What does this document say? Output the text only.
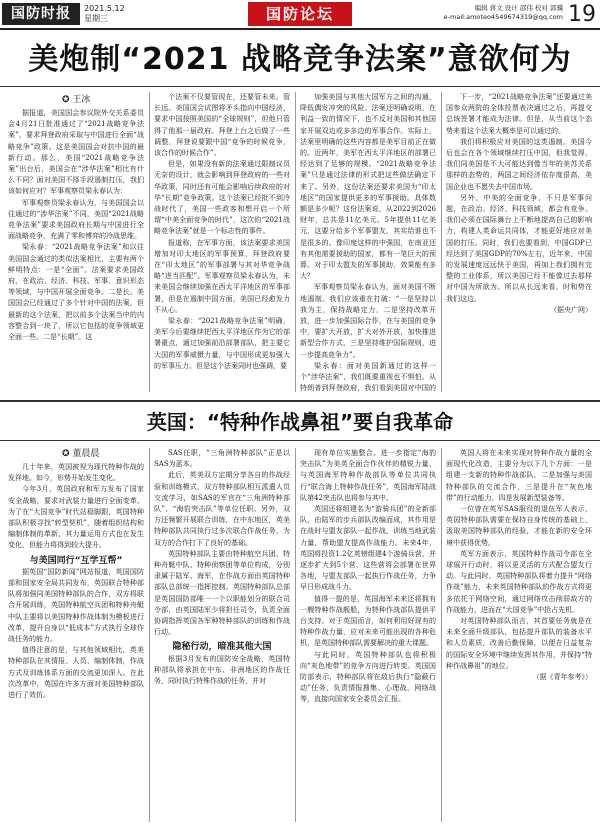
国防时报	2021.5.12
星期三	国防论坛	编辑 蒋文 设计 邵伟 校对 郭骥
e-mail:amoteo4549674319@qq.com 19
美炮制“2021 战略竞争法案”意欲何为
✪ 王冰

据报道，美国国会参议院外交关系委员会4月21日批准通过了“2021战略竞争法案”，要求拜登政府采取与中国进行全面“战略竞争”政策。这是美国国会对抗中国的最新行动。那么，美国“2021战略竞争法案”出台后，美国会在“涉华法案”相比有什么不同？面对美国不择手段遏制打压，我们该如何应对？军事观察员梁永春认为：

军事观察员梁永春认为，与美国国会以往通过的“涉华法案”不同，美国“2021战略竞争法案”要求美国政府长期与中国进行全面战略竞争，充满了零和博弈的冷战思维。

梁永春：“2021战略竞争法案”和以往美国国会通过的类似法案相比，主要有两个鲜明特点：一是“全面”。法案要求美国政府，在政治、经济、科技、军事、意识形态等领域，与中国开展全面竞争。二是长。美国国会已经通过了多个针对中国的法案，但最新的这个法案，把以前多个法案当中的内容整合到一块了，所以它包括的竞争领域更全面一些。二是“长期”。这

个法案不仅要管现在，还要管未来。管长远。美国国会试图将矛头指向中国经济，要求中国按照美国的“全球规则”，但他只管得了他那一届政府。拜登上台之后做了一些调整，拜登说要跟中国“竞争的时候竞争，该合作的时候合作”。

但是，如果没有新的法案通过限制议员无奈的设计，就会影响到拜登政府的一些对华政策，同时还有可能会影响后续政府的对华“长期”竞争政策。这个法案已经批不到冷战时代了，美国一些政客和想开启一个所谓“中美全面竞争的时代”，这次的“2021战略竞争法案”就是一个标志性的事件。

报道称，在军事方面，该法案要求美国增加对印太地区的军事预算，拜登政府要在“印太地区”的军事部署与其对华竞争战略“进当匹配”。军事观察员梁永春认为，未来美国会继续加强在西太平洋地区的军事部署，但是在遏制中国方面，美国已经愈发力不从心。

梁永春：“2021战略竞争法案”明确，美军今后要继续把西太平洋地区作为它的部署重点，通过加强前沿部署部队，把主要它大国的军事威慑力量，与中国形成更加强大的军事压力。但是这个法案同时也强调，要

加强美国与其他大国军方之间的沟通，降低偶发冲突的风险。法案还明确说明，在利益一致的情况下，也不反对美国和其他国家开展双边或多多边的军事合作。实际上，法案里明确的这些内容都是美军目前正在做的。近两年，美军在西太平洋地区的部署已经达到了足够的规模。“2021战略竞争法案”只是通过法律的形式把这些做法确定下来了。另外，这份法案还要求美国为“印太地区”的国家提供更多的军事援助。具体数额是多少呢？这份法案说，从2022到2026财年，总共是11亿美元。5年提供11亿美元，这要分给多个军事盟友，其实给谁也不是很多的。像印度这样的中强国，在南亚还有其他需要援助的国家，都有一笔巨大的预算。对于印太盟友的军事援助，效果能有多大？

军事观察员梁永春认为，面对美国不断地遏制。我们应该重在打破：“一是坚持以我为主，保持战略定力，二是坚持改革开放，进一步加强国际合作，在与美国的竞争中，要扩大开放，扩大对外开放，加快推进新型合作方式，三是坚持维护国际规则，进一步提高竞争力”。

梁永春：面对美国新通过的这样一个“涉华法案”，我们既要重视也不惧怕。从特朗普到拜登政府，我们看到美国对中国的

下一步，“2021战略竞争法案”还要通过美国参众两院的全体投票表决通过之后，再提交总统签署才能成为法律。但是，从当前这个态势来看这个法案大概率是可以通过的。

我们将积极应对美国的这类遏制。美国今后也会在各个领域继续打压中国，但我觉得，我们同美国是不大可能达到像当年的美苏关系那样的态势的，两国之间经济依存度很高，美国企业也不愿失去中国市场。

另外，中美的全面竞争，不只是军事问题，在政治、经济、科技领域，都会有竞争。我们必须在国际舞台上不断地提高自己的影响力，构建人类命运共同体，才能更好地应对美国的打压。同时，我们也要看到，中国GDP已经达到了美国GDP的70%左右，近年来，中国的发展速度远远快于美国，再加上我们拥有完整的工业体系，所以美国已经不能像过去那样对中国为所欲为。所以从长远来看，时和势在我们这边。

（据央广网）

英国：“特种作战鼻祖”要自我革命
✪ 董晨晨

几十年来，英国被视为现代特种作战的发祥地。如今，形势开始发生变化。

今年3月，英国政府和军方发布了国家安全战略，要求对武装力量进行全面变革。为了在“大国竞争”时代站稳脚跟，英国特种部队积极寻找“转型契机”，随着组织结构和编制体制的革新，其力量运用方式也在发生变化，但能力将得到较大提升。

与美国同行“互学互帮”

据英国“国防新闻”网站报道，英国国防部和国家安全局共同发布，英国联合特种部队将加强同美国特种部队的合作，双方将联合开展训练，英国特种航空兵团和特种舟艇中队主要将以美国特种作战体制为模板进行改革，提升自身以“低成本”方式执行全球作战任务的能力。

值得注意的是，与其他领域相比，英美特种部队在其情报、人员、编制体制，作战方式及训练体系方面的交流更加深入。在此次改革中，英国在许多方面对美国特种部队进行了效仿。

SAS任职，“三角洲特种部队”正是以SAS为蓝本。

此后，英美双方定期分享各自的作战经验和训练模式，双方特种部队相互派遣人员交流学习，如SAS的军官在“三角洲特种部队”、“海豹突击队”等单位任职。另外，双方还频繁开展联合训练，在中东地区，英美特种部队共同执行过多次联合作战任务，为双方的合作打下了良好的基础。

英国特种部队主要由特种航空兵团、特种舟艇中队、特种侦察团等单位构成，分别隶属于陆军、海军，在作战方面由英国特种部队总部统一指挥控制。英国特种部队总部是英国国防部唯一一个以职能划分的联合司令部，由英国陆军少将担任司令，负责全面协调指挥英国各军种特种部队的训练和作战行动。

隐秘行动，暗准其他大国

根据3月发布的国防安全战略，英国特种部队将承担在中东、非洲地区的作战任务，同时执行特殊作战的任务，并对

现有单位实施整合。进一步指定“海豹突击队”为美英全面合作伙伴的精锐力量，与英国海军特种作战部队等单位共同执行“联合海上特种作战任务”，英国海军陆战队第42突击队也将参与其中。

英国还将组建名为“游骑兵团”的全新部队，由陆军的步兵部队改编而成，其作用是在战时与盟友部队一起作战，训练当地武装力量，帮助盟友提高作战能力。未来4年，英国将投资1.2亿英镑组建4个游骑兵营，并逐步扩大到5个营，这些营将会部署在世界各地，与盟友部队一起执行作战任务，力争早日形成战斗力。

值得一提的是，英国海军未来还将拥有一艘特种作战舰船，为特种作战部队提供平台支持。对于英国而言，如何利用好现有的特种作战力量，应对未来可能出现的各种危机，是英国特种部队需要解决的重大课题。

与此同时，英国特种部队也将积极向“灰色地带”的竞争方向进行转变。英国国防部表示，特种部队将在敌后执行“隐蔽行动”任务，负责情报搜集、心理战、网络战等，直接向国家安全委员会汇报。

英国人将在未来实现对特种作战力量的全面现代化改造，主要分为以下几个方面：一是组建一支新的特种作战部队，二是加强与美国特种部队的交流合作，三是提升在“灰色地带”的行动能力，四是发展新型装备等。

一位曾在英军SAS服役的退伍军人表示，英国特种部队需要在保持自身传统的基础上，汲取美国特种部队的经验，才能在新的安全环境中获得优势。

英军方面表示，英国特种作战司令部在全球展开行动时，将以更灵活的方式配合盟友行动。与此同时，英国特种部队将着力提升“网络作战”能力，未来英国特种部队的作战方式将更多依托于网络空间，通过网络攻击削弱敌方的作战能力，进而在“大国竞争”中抢占先机。

对英国特种部队而言，其首要任务就是在未来全面升级部队，包括提升部队的装备水平和人员素质，改善后勤保障，以便在日益复杂的国际安全环境中继续发挥其作用，并保持“特种作战鼻祖”的地位。

（据《青年参考》）
